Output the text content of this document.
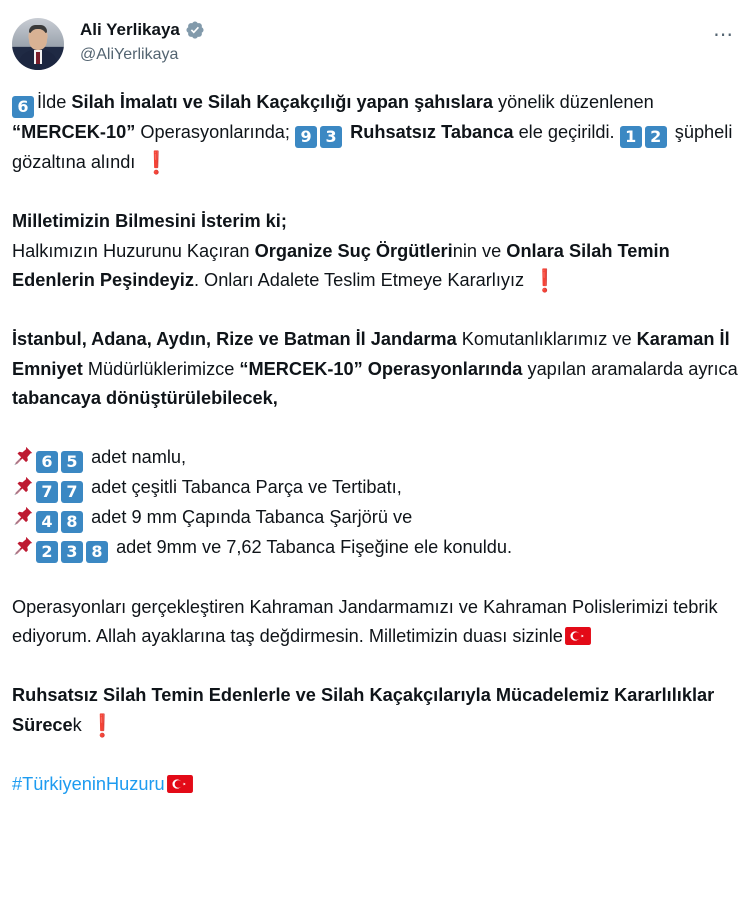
Ali Yerlikaya
@AliYerlikaya
⋯

6 İlde Silah İmalatı ve Silah Kaçakçılığı yapan şahıslara yönelik düzenlenen “MERCEK-10” Operasyonlarında; 9 3 Ruhsatsız Tabanca ele geçirildi. 1 2 şüpheli gözaltına alındı ❗

Milletimizin Bilmesini İsterim ki;
Halkımızın Huzurunu Kaçıran Organize Suç Örgütlerinin ve Onlara Silah Temin Edenlerin Peşindeyiz. Onları Adalete Teslim Etmeye Kararlıyız ❗

İstanbul, Adana, Aydın, Rize ve Batman İl Jandarma Komutanlıklarımız ve Karaman İl Emniyet Müdürlüklerimizce “MERCEK-10” Operasyonlarında yapılan aramalarda ayrıca tabancaya dönüştürülebilecek,

6 5 adet namlu,
7 7 adet çeşitli Tabanca Parça ve Tertibatı,
4 8 adet 9 mm Çapında Tabanca Şarjörü ve
2 3 8 adet 9mm ve 7,62 Tabanca Fişeğine ele konuldu.

Operasyonları gerçekleştiren Kahraman Jandarmamızı ve Kahraman Polislerimizi tebrik ediyorum. Allah ayaklarına taş değdirmesin. Milletimizin duası sizinle

Ruhsatsız Silah Temin Edenlerle ve Silah Kaçakçılarıyla Mücadelemiz Kararlılıklar Sürecek ❗

#TürkiyeninHuzuru
